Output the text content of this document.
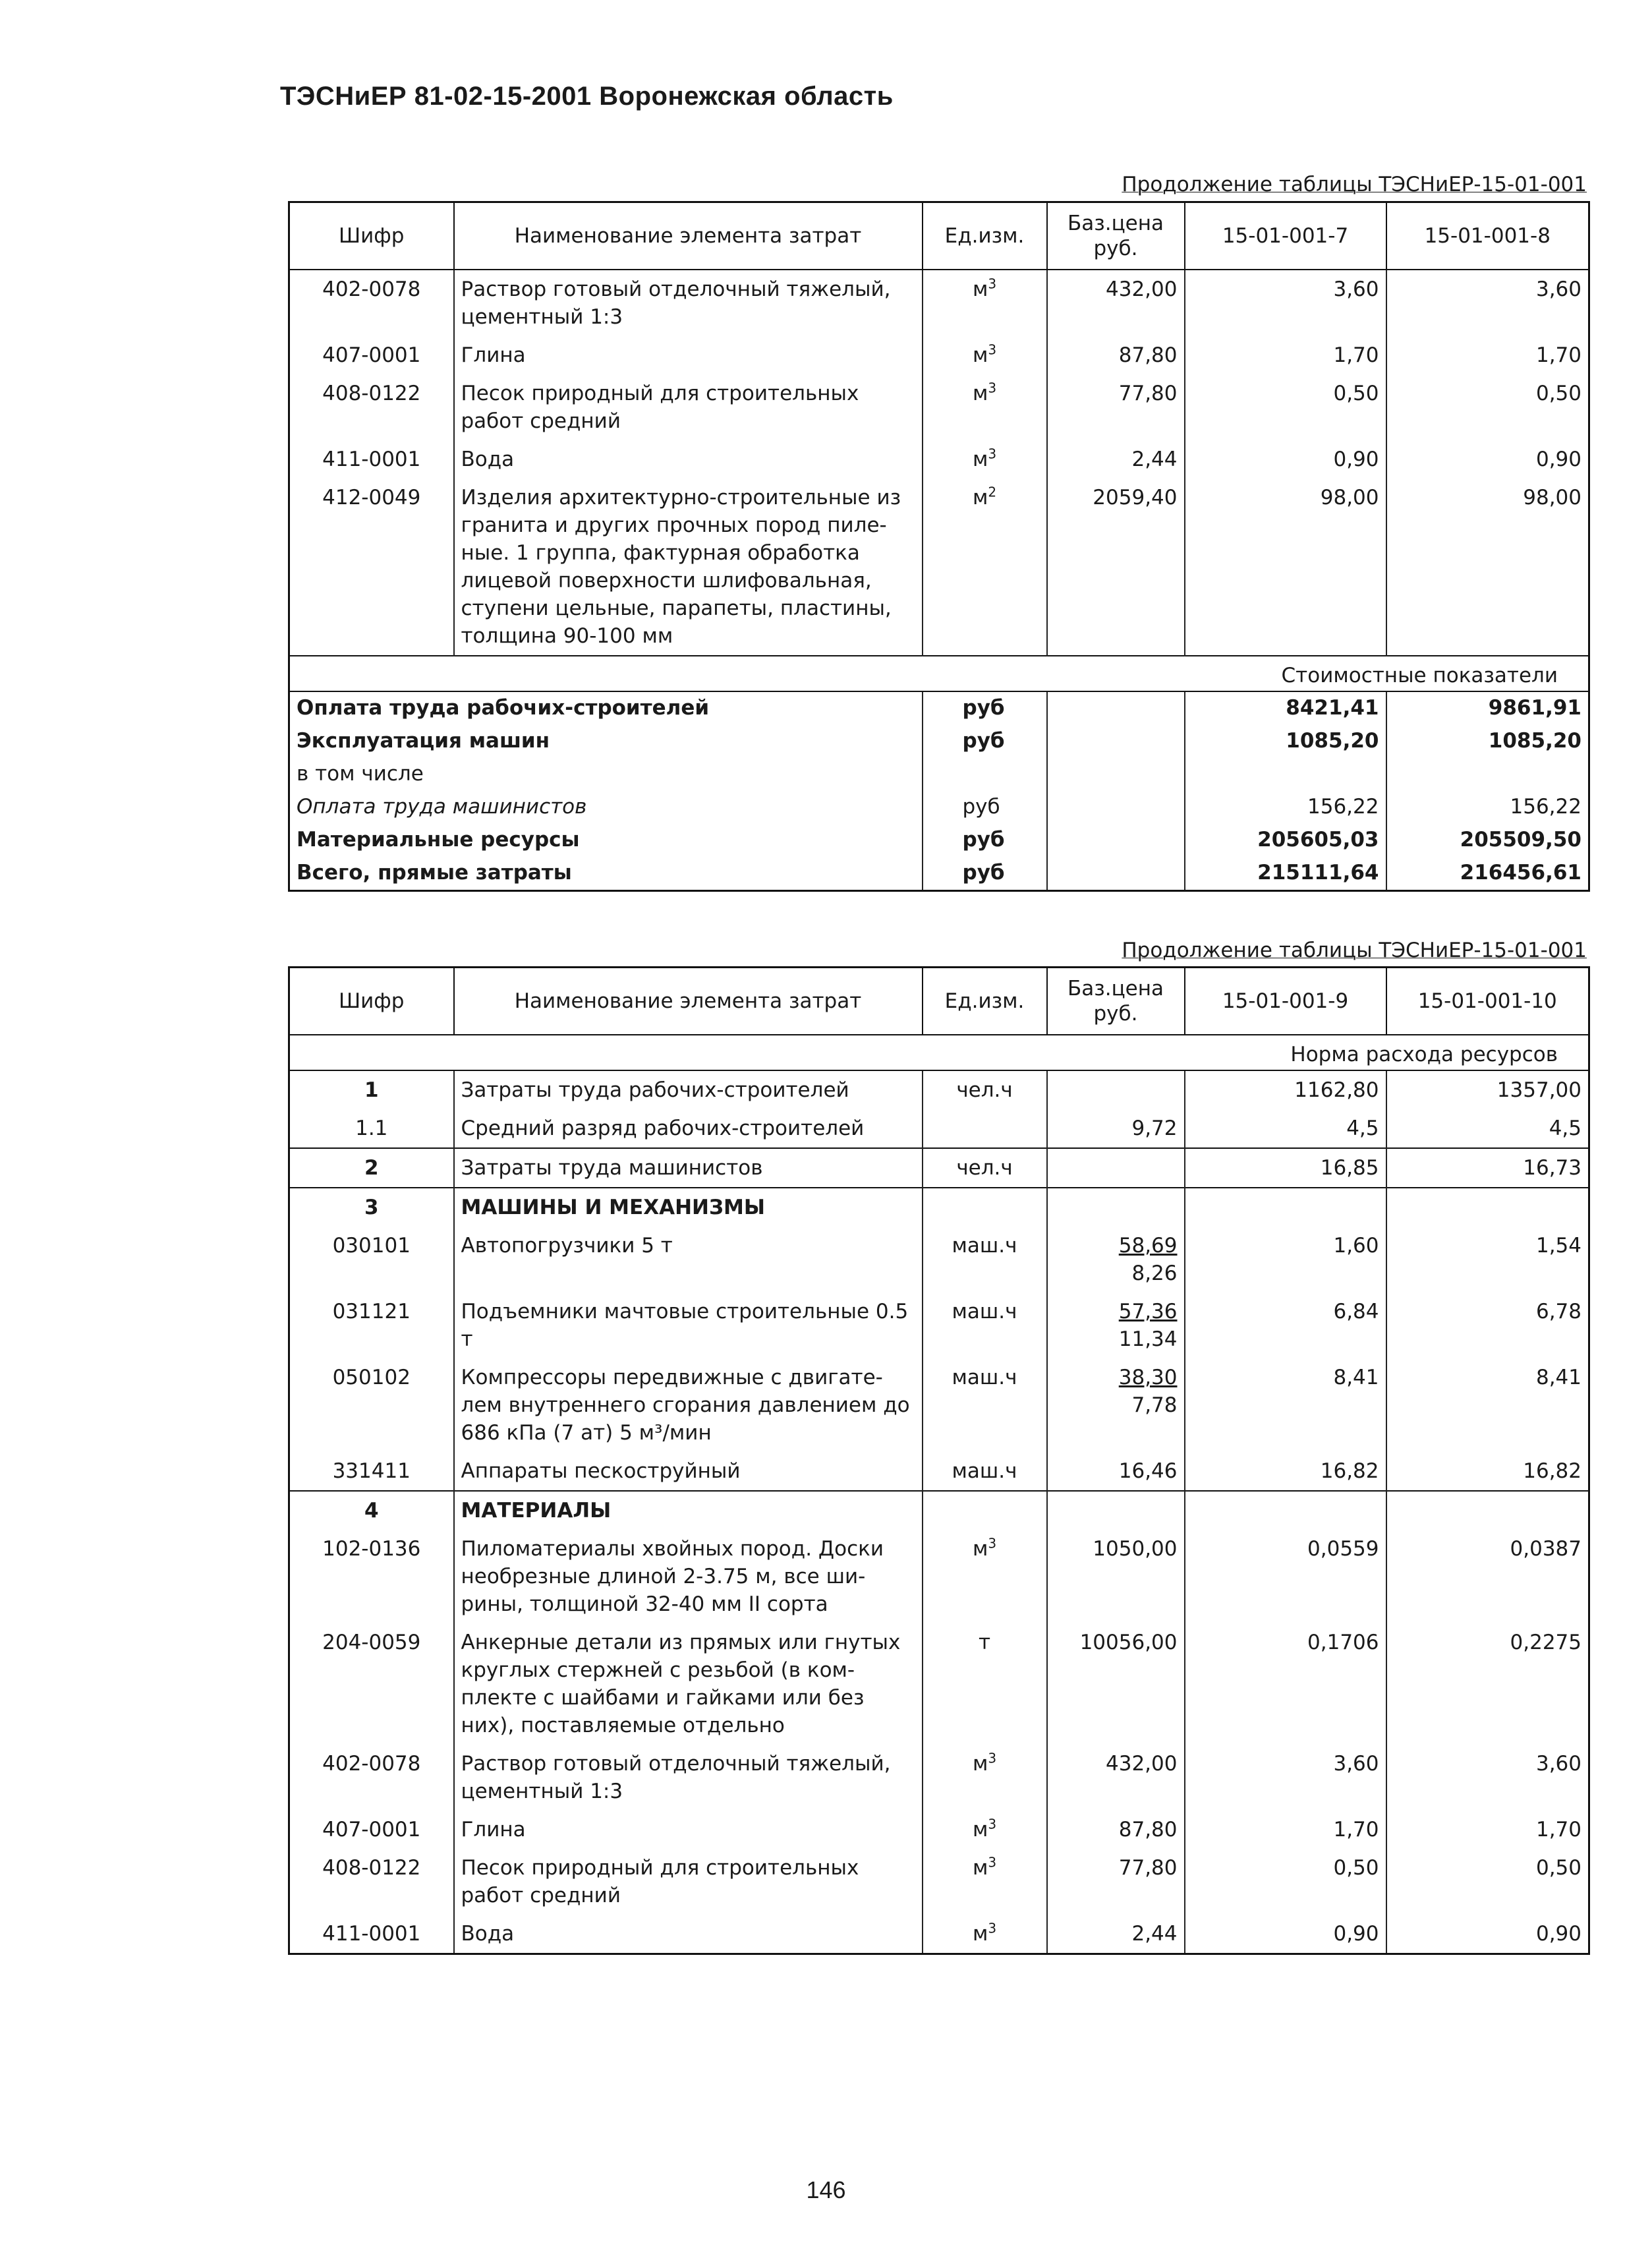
ТЭСНиЕР 81-02-15-2001 Воронежская область
Продолжение таблицы ТЭСНиЕР-15-01-001
Шифр	Наименование элемента затрат	Ед.изм.	Баз.цена руб.	15-01-001-7	15-01-001-8
402-0078	Раствор готовый отделочный тяжелый, цементный 1:3	$м^3$	432,00	3,60	3,60
407-0001	Глина	$м^3$	87,80	1,70	1,70
408-0122	Песок природный для строительных работ средний	$м^3$	77,80	0,50	0,50
411-0001	Вода	$м^3$	2,44	0,90	0,90
412-0049	Изделия архитектурно-строительные из гранита и других прочных пород пиле-ные. 1 группа, фактурная обработка лицевой поверхности шлифовальная, ступени цельные, парапеты, пластины, толщина 90-100 мм	$м^2$	2059,40	98,00	98,00
Стоимостные показатели					
Оплата труда рабочих-строителей		руб		8421,41	9861,91
Эксплуатация машин		руб		1085,20	1085,20
в том числе					
Оплата труда машинистов		руб		156,22	156,22
Материальные ресурсы		руб		205605,03	205509,50
Всего, прямые затраты		руб		215111,64	216456,61
Продолжение таблицы ТЭСНиЕР-15-01-001
Шифр	Наименование элемента затрат	Ед.изм.	Баз.цена руб.	15-01-001-9	15-01-001-10
Норма расхода ресурсов					
1	Затраты труда рабочих-строителей	чел.ч		1162,80	1357,00
1.1	Средний разряд рабочих-строителей		9,72	4,5	4,5
2	Затраты труда машинистов	чел.ч		16,85	16,73
3	МАШИНЫ И МЕХАНИЗМЫ				
030101	Автопогрузчики 5 т	маш.ч	$\frac{58,69}{8,26}$	1,60	1,54
031121	Подъемники мачтовые строительные 0.5 т	маш.ч	$\frac{57,36}{11,34}$	6,84	6,78
050102	Компрессоры передвижные с двигате-лем внутреннего сгорания давлением до 686 кПа (7 ат) 5 м³/мин	маш.ч	$\frac{38,30}{7,78}$	8,41	8,41
331411	Аппараты пескоструйный	маш.ч	16,46	16,82	16,82
4	МАТЕРИАЛЫ				
102-0136	Пиломатериалы хвойных пород. Доски необрезные длиной 2-3.75 м, все ши-рины, толщиной 32-40 мм II сорта	$м^3$	1050,00	0,0559	0,0387
204-0059	Анкерные детали из прямых или гнутых круглых стержней с резьбой (в ком-плекте с шайбами и гайками или без них), поставляемые отдельно	т	10056,00	0,1706	0,2275
402-0078	Раствор готовый отделочный тяжелый, цементный 1:3	$м^3$	432,00	3,60	3,60
407-0001	Глина	$м^3$	87,80	1,70	1,70
408-0122	Песок природный для строительных работ средний	$м^3$	77,80	0,50	0,50
411-0001	Вода	$м^3$	2,44	0,90	0,90
146
